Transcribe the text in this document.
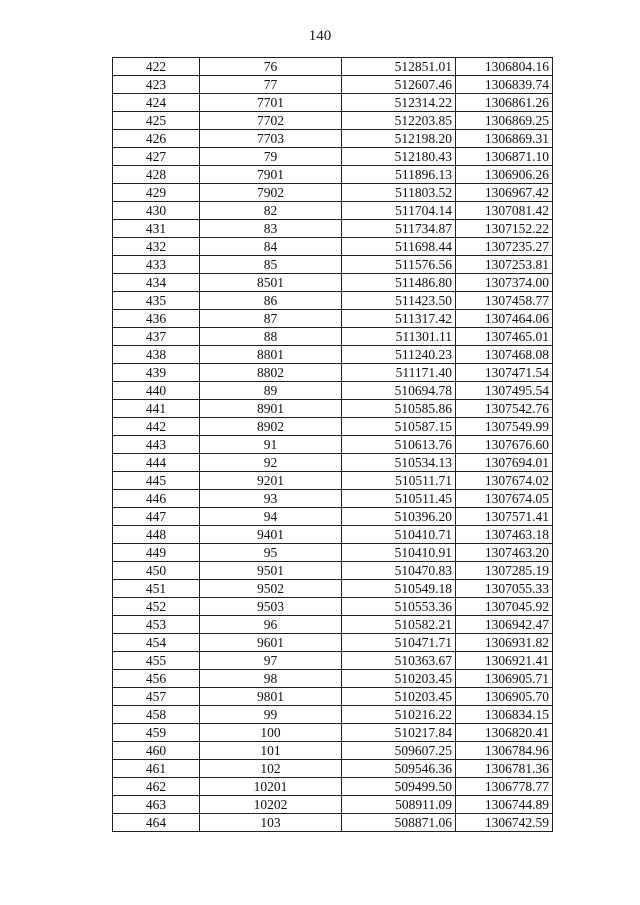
140
422	76	512851.01	1306804.16
423	77	512607.46	1306839.74
424	7701	512314.22	1306861.26
425	7702	512203.85	1306869.25
426	7703	512198.20	1306869.31
427	79	512180.43	1306871.10
428	7901	511896.13	1306906.26
429	7902	511803.52	1306967.42
430	82	511704.14	1307081.42
431	83	511734.87	1307152.22
432	84	511698.44	1307235.27
433	85	511576.56	1307253.81
434	8501	511486.80	1307374.00
435	86	511423.50	1307458.77
436	87	511317.42	1307464.06
437	88	511301.11	1307465.01
438	8801	511240.23	1307468.08
439	8802	511171.40	1307471.54
440	89	510694.78	1307495.54
441	8901	510585.86	1307542.76
442	8902	510587.15	1307549.99
443	91	510613.76	1307676.60
444	92	510534.13	1307694.01
445	9201	510511.71	1307674.02
446	93	510511.45	1307674.05
447	94	510396.20	1307571.41
448	9401	510410.71	1307463.18
449	95	510410.91	1307463.20
450	9501	510470.83	1307285.19
451	9502	510549.18	1307055.33
452	9503	510553.36	1307045.92
453	96	510582.21	1306942.47
454	9601	510471.71	1306931.82
455	97	510363.67	1306921.41
456	98	510203.45	1306905.71
457	9801	510203.45	1306905.70
458	99	510216.22	1306834.15
459	100	510217.84	1306820.41
460	101	509607.25	1306784.96
461	102	509546.36	1306781.36
462	10201	509499.50	1306778.77
463	10202	508911.09	1306744.89
464	103	508871.06	1306742.59
